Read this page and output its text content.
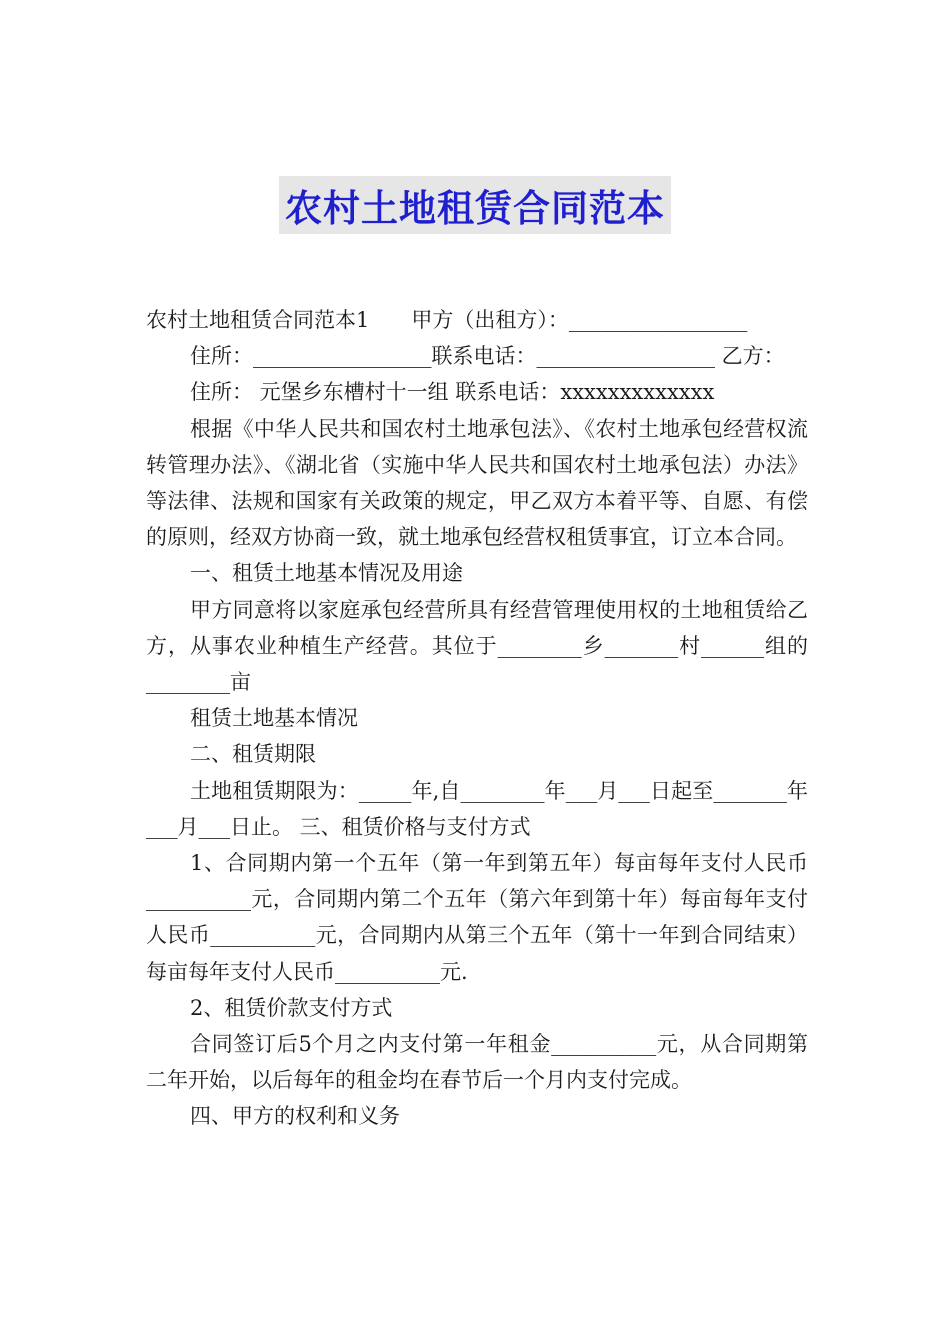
农村土地租赁合同范本

农村土地租赁合同范本1　　甲方（出租方）：_________________

住所：_________________联系电话：_________________ 乙方：

住所： 元堡乡东槽村十一组 联系电话：xxxxxxxxxxxxx

根据《中华人民共和国农村土地承包法》、《农村土地承包经营权流转管理办法》、《湖北省（实施中华人民共和国农村土地承包法）办法》等法律、法规和国家有关政策的规定，甲乙双方本着平等、自愿、有偿的原则，经双方协商一致，就土地承包经营权租赁事宜，订立本合同。

一、租赁土地基本情况及用途

甲方同意将以家庭承包经营所具有经营管理使用权的土地租赁给乙方，从事农业种植生产经营。其位于________乡_______村______组的________亩

租赁土地基本情况

二、租赁期限

土地租赁期限为：_____年,自________年___月___日起至_______年___月___日止。 三、租赁价格与支付方式

1、合同期内第一个五年（第一年到第五年）每亩每年支付人民币__________元，合同期内第二个五年（第六年到第十年）每亩每年支付人民币__________元，合同期内从第三个五年（第十一年到合同结束）每亩每年支付人民币__________元.

2、租赁价款支付方式

合同签订后5个月之内支付第一年租金__________元，从合同期第二年开始，以后每年的租金均在春节后一个月内支付完成。

四、甲方的权利和义务
